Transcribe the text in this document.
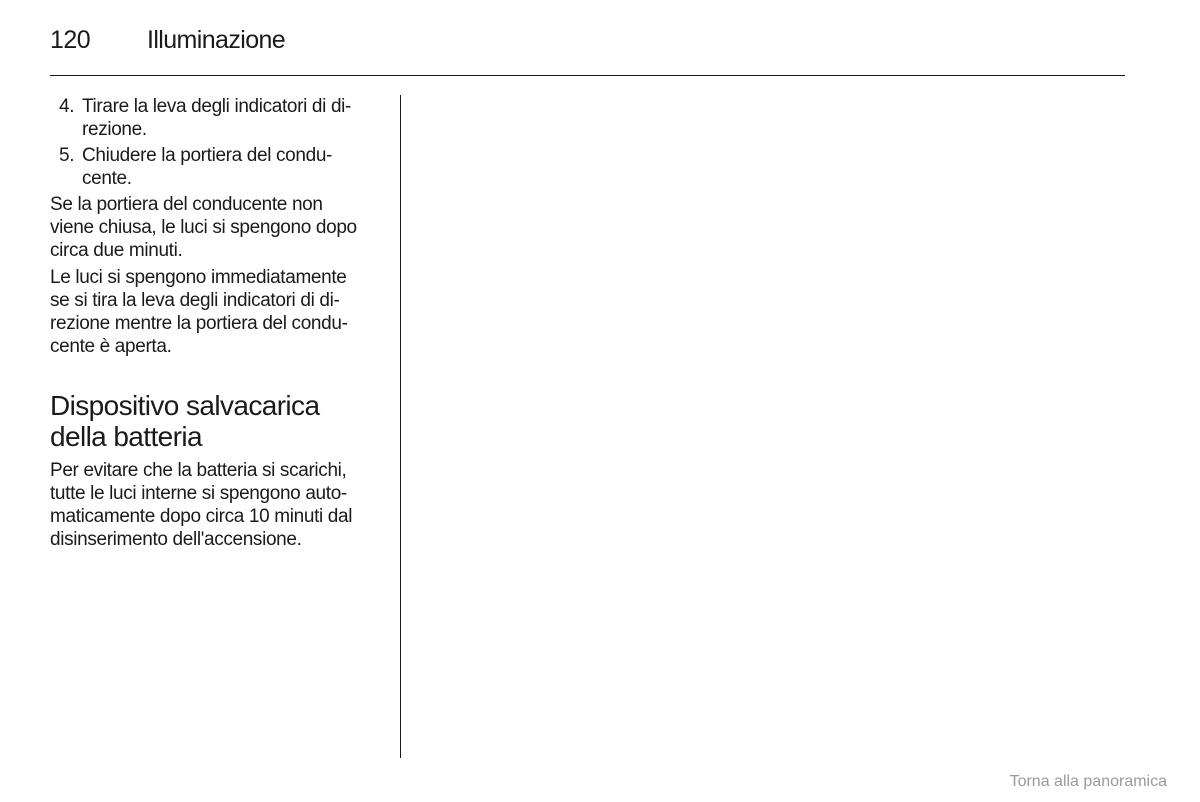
120 Illuminazione
4. Tirare la leva degli indicatori di di-
rezione.
5. Chiudere la portiera del condu-
cente.
Se la portiera del conducente non
viene chiusa, le luci si spengono dopo
circa due minuti.
Le luci si spengono immediatamente
se si tira la leva degli indicatori di di-
rezione mentre la portiera del condu-
cente è aperta.
Dispositivo salvacarica
della batteria
Per evitare che la batteria si scarichi,
tutte le luci interne si spengono auto-
maticamente dopo circa 10 minuti dal
disinserimento dell'accensione.
Torna alla panoramica
